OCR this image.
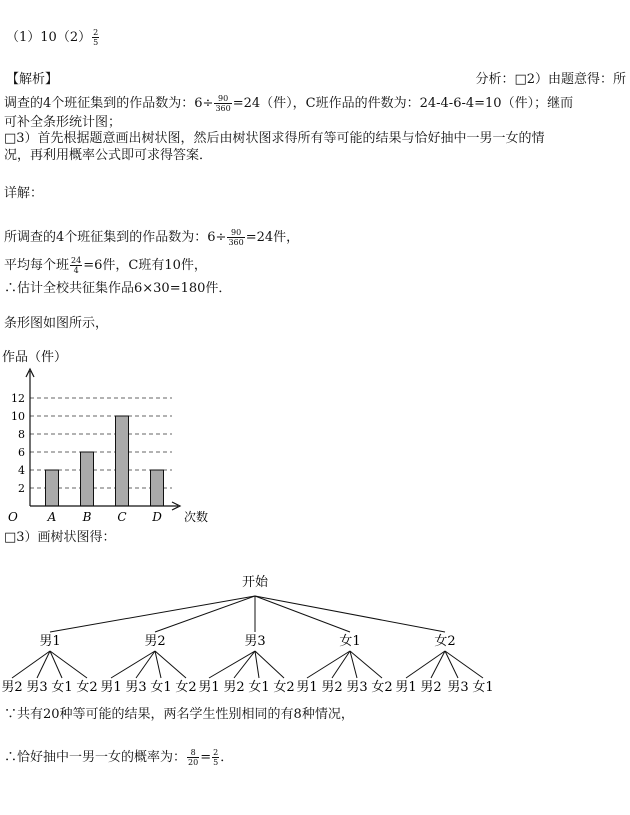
$(1)10(2) \frac{2}{5}$
【解析】	分析：□2）由题意得：所
调查的4个班征集到的作品数为：$6\div \frac{90}{360} =24$（件），C班作品的件数为：24-4-6-4=10（件）；继而
可补全条形统计图；
□3）首先根据题意画出树状图，然后由树状图求得所有等可能的结果与恰好抽中一男一女的情
况，再利用概率公式即可求得答案．
详解：
所调查的4个班征集到的作品数为：$6\div \frac{90}{360} =24$件，
平均每个班 $\frac{24}{4} =6$件，C班有10件，
∴估计全校共征集作品6×30=180件．
条形图如图所示，
作品（件）
2
4
6
8
10
12
A B C D
O	次数
□3）画树状图得：
开始
男1
男2 男3 女1 女2
男2
男1 男3 女1 女2
男3
男1 男2 女1 女2
女1
男1 男2 男3 女2
女2
男1 男2 男3 女1
∵共有20种等可能的结果，两名学生性别相同的有8种情况，
∴恰好抽中一男一女的概率为： $\frac{8}{20} = \frac{2}{5}$ ．
